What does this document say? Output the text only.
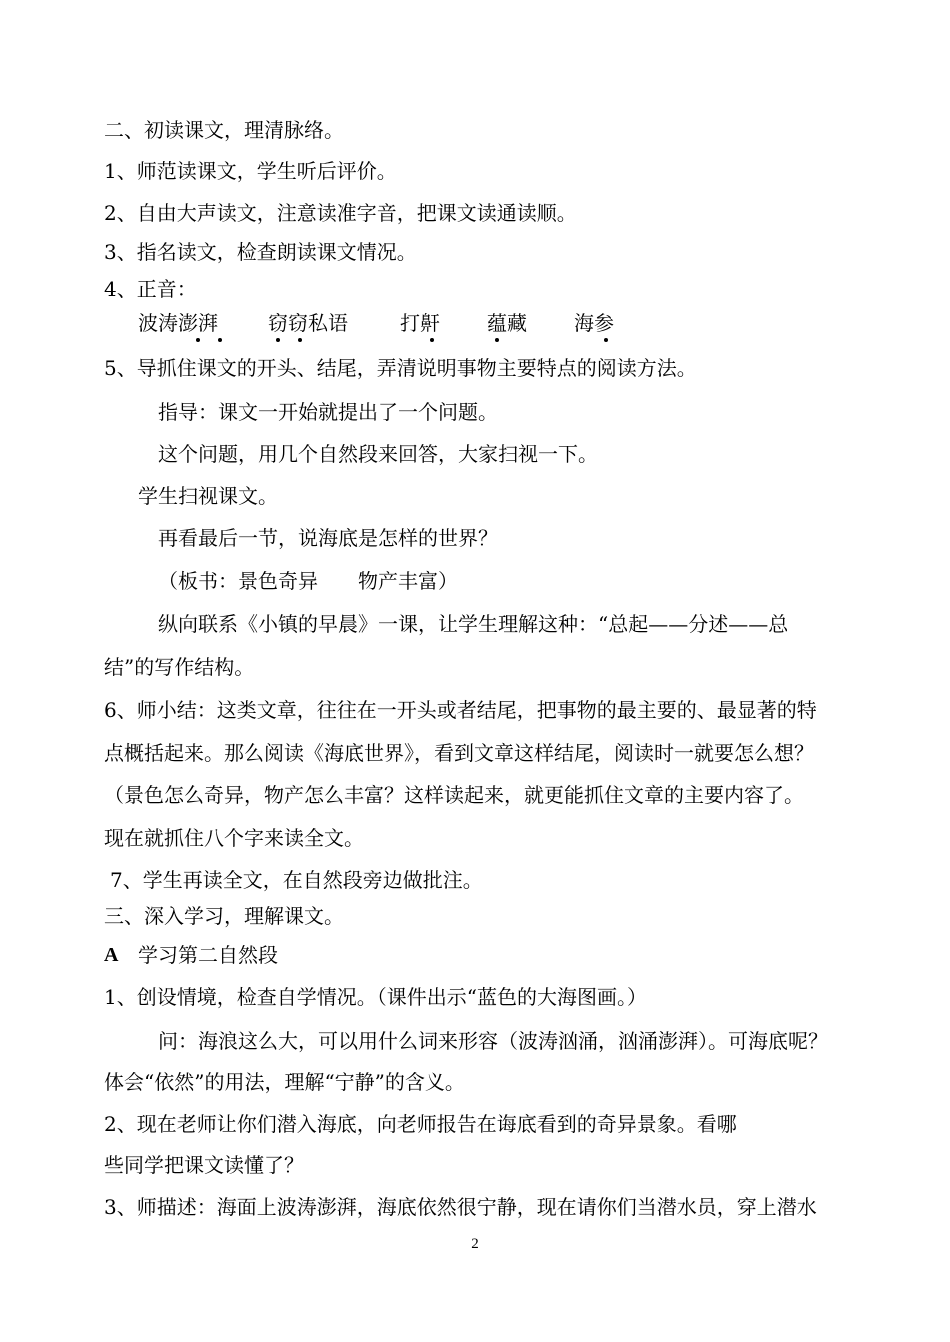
二、初读课文，理清脉络。
1、师范读课文，学生听后评价。
2、自由大声读文，注意读准字音，把课文读通读顺。
3、指名读文，检查朗读课文情况。
4、正音：
波涛澎湃	窃窃私语	打鼾 蕴藏 海参
5、导抓住课文的开头、结尾，弄清说明事物主要特点的阅读方法。
指导：课文一开始就提出了一个问题。
这个问题，用几个自然段来回答，大家扫视一下。
学生扫视课文。
再看最后一节，说海底是怎样的世界？
（板书：景色奇异　　物产丰富）
纵向联系《小镇的早晨》一课，让学生理解这种：“总起——分述——总
结”的写作结构。
6、师小结：这类文章，往往在一开头或者结尾，把事物的最主要的、最显著的特
点概括起来。那么阅读《海底世界》，看到文章这样结尾，阅读时一就要怎么想？
（景色怎么奇异，物产怎么丰富？这样读起来，就更能抓住文章的主要内容了。
现在就抓住八个字来读全文。
7、学生再读全文，在自然段旁边做批注。
三、深入学习，理解课文。
A 学习第二自然段
1、创设情境，检查自学情况。（课件出示“蓝色的大海图画。）
问：海浪这么大，可以用什么词来形容（波涛汹涌，汹涌澎湃）。可海底呢？
体会“依然”的用法，理解“宁静”的含义。
2、现在老师让你们潜入海底，向老师报告在诲底看到的奇异景象。看哪
些同学把课文读懂了？
3、师描述：海面上波涛澎湃，海底依然很宁静，现在请你们当潜水员，穿上潜水
2
